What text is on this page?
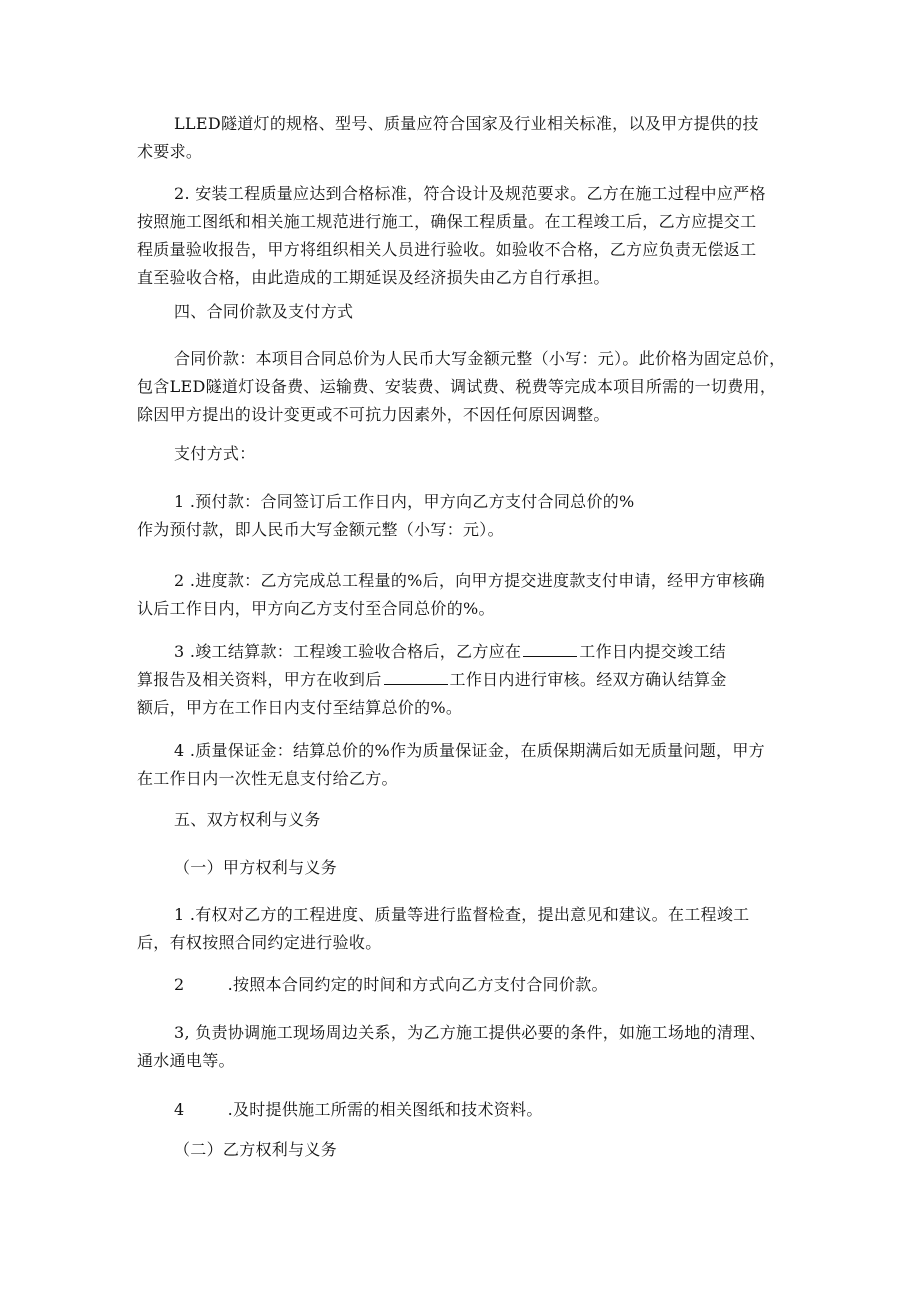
LLED隧道灯的规格、型号、质量应符合国家及行业相关标准，以及甲方提供的技
术要求。
2. 安装工程质量应达到合格标准，符合设计及规范要求。乙方在施工过程中应严格
按照施工图纸和相关施工规范进行施工，确保工程质量。在工程竣工后，乙方应提交工
程质量验收报告，甲方将组织相关人员进行验收。如验收不合格，乙方应负责无偿返工
直至验收合格，由此造成的工期延误及经济损失由乙方自行承担。
四、合同价款及支付方式
合同价款：本项目合同总价为人民币大写金额元整（小写：元）。此价格为固定总价，
包含LED隧道灯设备费、运输费、安装费、调试费、税费等完成本项目所需的一切费用，
除因甲方提出的设计变更或不可抗力因素外，不因任何原因调整。
支付方式：
1 .预付款：合同签订后工作日内，甲方向乙方支付合同总价的%
作为预付款，即人民币大写金额元整（小写：元）。
2 .进度款：乙方完成总工程量的%后，向甲方提交进度款支付申请，经甲方审核确
认后工作日内，甲方向乙方支付至合同总价的%。
3 .竣工结算款：工程竣工验收合格后，乙方应在	工作日内提交竣工结
算报告及相关资料，甲方在收到后	工作日内进行审核。经双方确认结算金
额后，甲方在工作日内支付至结算总价的%。
4 .质量保证金：结算总价的%作为质量保证金，在质保期满后如无质量问题，甲方
在工作日内一次性无息支付给乙方。
五、双方权利与义务
（一）甲方权利与义务
1 .有权对乙方的工程进度、质量等进行监督检查，提出意见和建议。在工程竣工
后，有权按照合同约定进行验收。
2        .按照本合同约定的时间和方式向乙方支付合同价款。
3, 负责协调施工现场周边关系，为乙方施工提供必要的条件，如施工场地的清理、
通水通电等。
4        .及时提供施工所需的相关图纸和技术资料。
（二）乙方权利与义务
